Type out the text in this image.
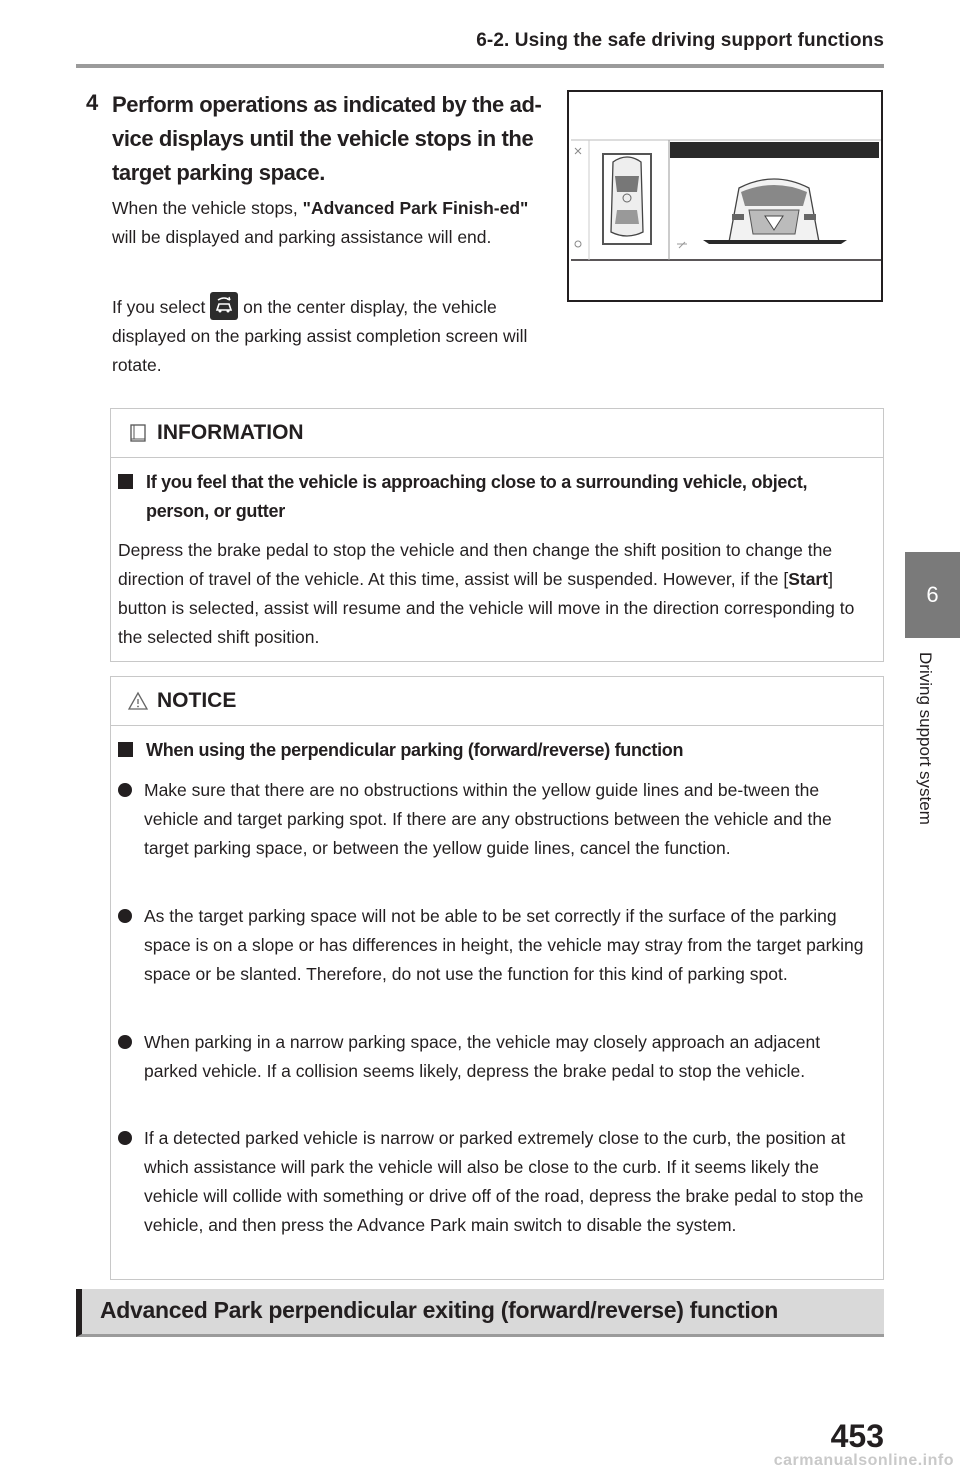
6-2. Using the safe driving support functions
6
Driving support system
4 Perform operations as indicated by the ad-vice displays until the vehicle stops in the target parking space.
When the vehicle stops, "Advanced Park Finish-ed" will be displayed and parking assistance will end.
If you select
on the center display, the vehicle displayed on the parking assist completion screen will rotate.
INFORMATION
If you feel that the vehicle is approaching close to a surrounding vehicle, object, person, or gutter
Depress the brake pedal to stop the vehicle and then change the shift position to change the direction of travel of the vehicle. At this time, assist will be suspended. However, if the [Start] button is selected, assist will resume and the vehicle will move in the direction corresponding to the selected shift position.
NOTICE
When using the perpendicular parking (forward/reverse) function
Make sure that there are no obstructions within the yellow guide lines and be-tween the vehicle and target parking spot. If there are any obstructions between the vehicle and the target parking space, or between the yellow guide lines, cancel the function.
As the target parking space will not be able to be set correctly if the surface of the parking space is on a slope or has differences in height, the vehicle may stray from the target parking space or be slanted. Therefore, do not use the function for this kind of parking spot.
When parking in a narrow parking space, the vehicle may closely approach an adjacent parked vehicle. If a collision seems likely, depress the brake pedal to stop the vehicle.
If a detected parked vehicle is narrow or parked extremely close to the curb, the position at which assistance will park the vehicle will also be close to the curb. If it seems likely the vehicle will collide with something or drive off of the road, depress the brake pedal to stop the vehicle, and then press the Advance Park main switch to disable the system.
Advanced Park perpendicular exiting (forward/reverse) function
453
carmanualsonline.info
